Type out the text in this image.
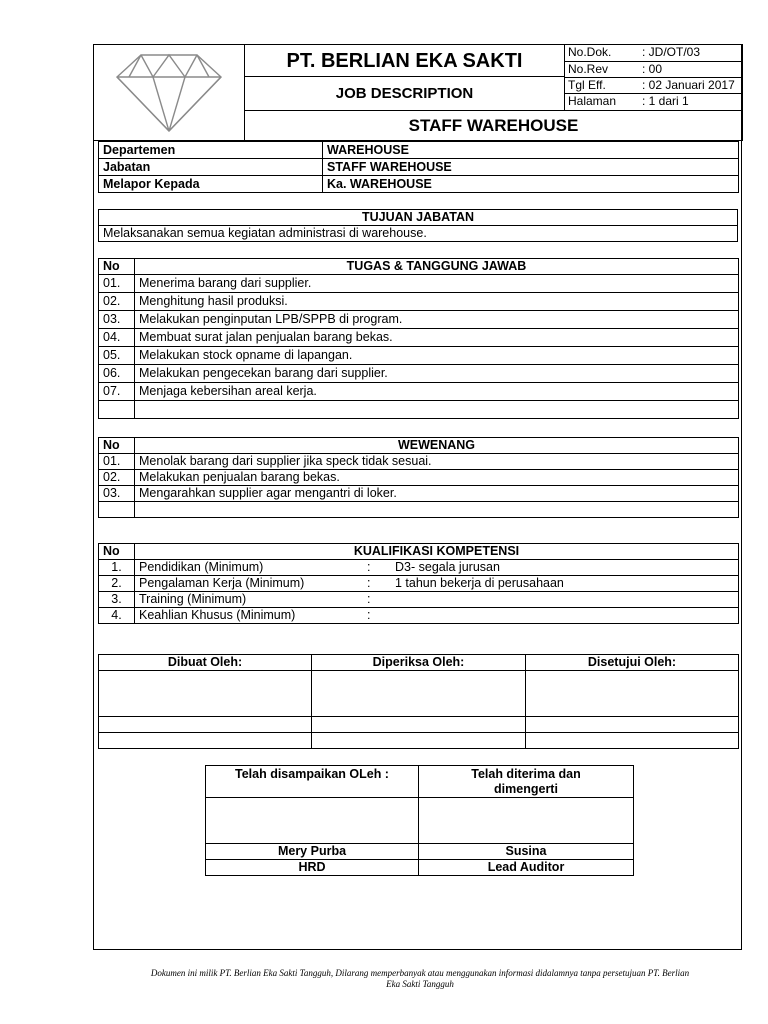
	PT. BERLIAN EKA SAKTI		No.Dok.	: JD/OT/03
No.Rev	: 00
Tgl Eff.	: 02 Januari 2017
Halaman	: 1 dari 1

JOB DESCRIPTION
STAFF WAREHOUSE
Departemen	WAREHOUSE
Jabatan	STAFF WAREHOUSE
Melapor Kepada	Ka. WAREHOUSE
TUJUAN JABATAN
Melaksanakan semua kegiatan administrasi di warehouse.
No	TUGAS & TANGGUNG JAWAB
01.	Menerima barang dari supplier.
02.	Menghitung hasil produksi.
03.	Melakukan penginputan LPB/SPPB di program.
04.	Membuat surat jalan penjualan barang bekas.
05.	Melakukan stock opname di lapangan.
06.	Melakukan pengecekan barang dari supplier.
07.	Menjaga kebersihan areal kerja.

No	WEWENANG
01.	Menolak barang dari supplier jika speck tidak sesuai.
02.	Melakukan penjualan barang bekas.
03.	Mengarahkan supplier agar mengantri di loker.

No	KUALIFIKASI KOMPETENSI
1.	Pendidikan (Minimum) : D3- segala jurusan
2.	Pengalaman Kerja (Minimum) : 1 tahun bekerja di perusahaan
3.	Training (Minimum) :
4.	Keahlian Khusus (Minimum) :
Dibuat Oleh:	Diperiksa Oleh:	Disetujui Oleh:

Telah disampaikan OLeh :	Telah diterima dan
dimengerti

Mery Purba	Susina
HRD	Lead Auditor
Dokumen ini milik PT. Berlian Eka Sakti Tangguh, Dilarang memperbanyak atau menggunakan informasi didalamnya tanpa persetujuan PT. Berlian
Eka Sakti Tangguh
